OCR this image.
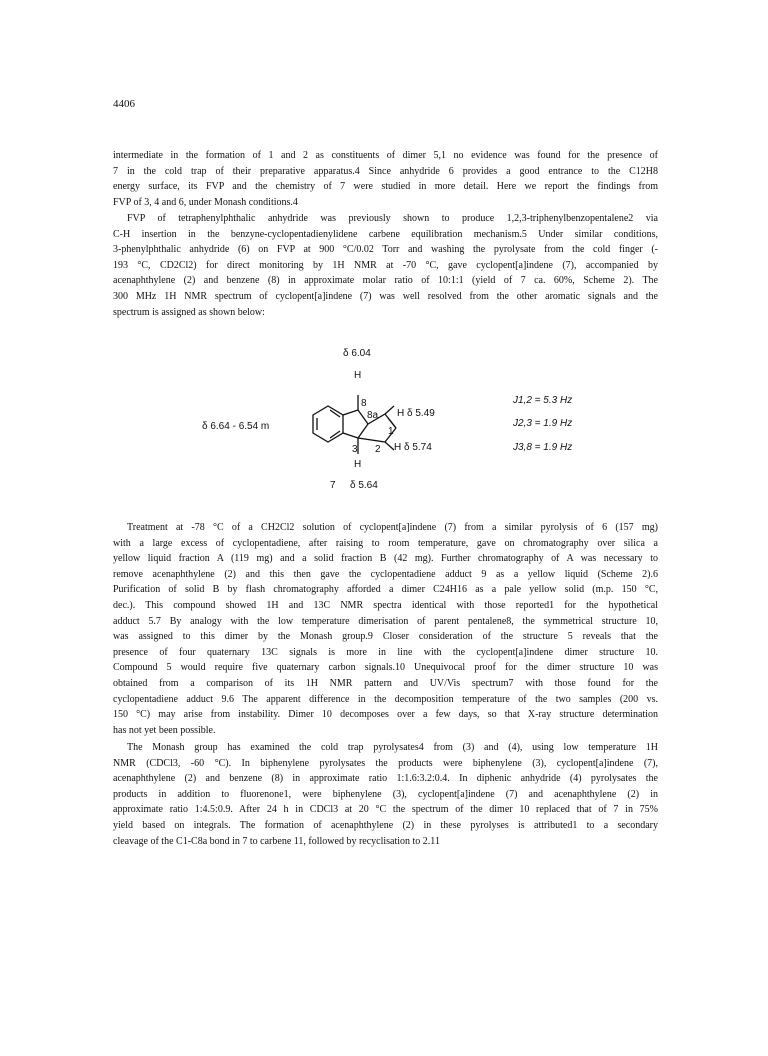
4406
intermediate in the formation of 1 and 2 as constituents of dimer 5,1 no evidence was found for the presence of
7 in the cold trap of their preparative apparatus.4 Since anhydride 6 provides a good entrance to the C12H8
energy surface, its FVP and the chemistry of 7 were studied in more detail. Here we report the findings from
FVP of 3, 4 and 6, under Monash conditions.4
FVP of tetraphenylphthalic anhydride was previously shown to produce 1,2,3-triphenylbenzopentalene2 via
C-H insertion in the benzyne-cyclopentadienylidene carbene equilibration mechanism.5 Under similar conditions,
3-phenylphthalic anhydride (6) on FVP at 900 °C/0.02 Torr and washing the pyrolysate from the cold finger (-
193 °C, CD2Cl2) for direct monitoring by 1H NMR at -70 °C, gave cyclopent[a]indene (7), accompanied by
acenaphthylene (2) and benzene (8) in approximate molar ratio of 10:1:1 (yield of 7 ca. 60%, Scheme 2). The
300 MHz 1H NMR spectrum of cyclopent[a]indene (7) was well resolved from the other aromatic signals and the
spectrum is assigned as shown below:
δ 6.04
H
8
8a H δ 5.49
1
δ 6.64 - 6.54 m
3 2 H δ 5.74
H
7 δ 5.64
J1,2 = 5.3 Hz
J2,3 = 1.9 Hz
J3,8 = 1.9 Hz
Treatment at -78 °C of a CH2Cl2 solution of cyclopent[a]indene (7) from a similar pyrolysis of 6 (157 mg)
with a large excess of cyclopentadiene, after raising to room temperature, gave on chromatography over silica a
yellow liquid fraction A (119 mg) and a solid fraction B (42 mg). Further chromatography of A was necessary to
remove acenaphthylene (2) and this then gave the cyclopentadiene adduct 9 as a yellow liquid (Scheme 2).6
Purification of solid B by flash chromatography afforded a dimer C24H16 as a pale yellow solid (m.p. 150 °C,
dec.). This compound showed 1H and 13C NMR spectra identical with those reported1 for the hypothetical
adduct 5.7 By analogy with the low temperature dimerisation of parent pentalene8, the symmetrical structure 10,
was assigned to this dimer by the Monash group.9 Closer consideration of the structure 5 reveals that the
presence of four quaternary 13C signals is more in line with the cyclopent[a]indene dimer structure 10.
Compound 5 would require five quaternary carbon signals.10 Unequivocal proof for the dimer structure 10 was
obtained from a comparison of its 1H NMR pattern and UV/Vis spectrum7 with those found for the
cyclopentadiene adduct 9.6 The apparent difference in the decomposition temperature of the two samples (200 vs.
150 °C) may arise from instability. Dimer 10 decomposes over a few days, so that X-ray structure determination
has not yet been possible.
The Monash group has examined the cold trap pyrolysates4 from (3) and (4), using low temperature 1H
NMR (CDCl3, -60 °C). In biphenylene pyrolysates the products were biphenylene (3), cyclopent[a]indene (7),
acenaphthylene (2) and benzene (8) in approximate ratio 1:1.6:3.2:0.4. In diphenic anhydride (4) pyrolysates the
products in addition to fluorenone1, were biphenylene (3), cyclopent[a]indene (7) and acenaphthylene (2) in
approximate ratio 1:4.5:0.9. After 24 h in CDCl3 at 20 °C the spectrum of the dimer 10 replaced that of 7 in 75%
yield based on integrals. The formation of acenaphthylene (2) in these pyrolyses is attributed1 to a secondary
cleavage of the C1-C8a bond in 7 to carbene 11, followed by recyclisation to 2.11
